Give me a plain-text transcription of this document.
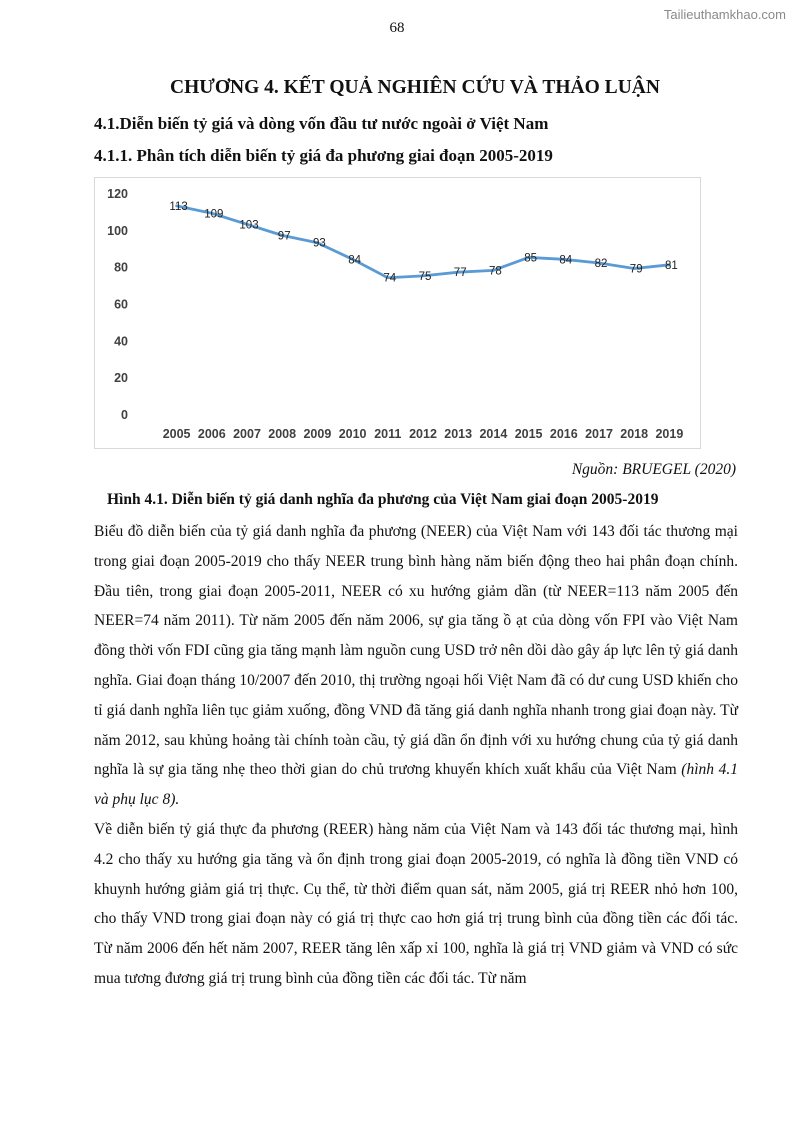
Tailieuthamkhao.com
68
CHƯƠNG 4. KẾT QUẢ NGHIÊN CỨU VÀ THẢO LUẬN
4.1.Diễn biến tỷ giá và dòng vốn đầu tư nước ngoài ở Việt Nam
4.1.1. Phân tích diễn biến tỷ giá đa phương giai đoạn 2005-2019
0
20
40
60
80
100
120
2005 2006 2007 2008 2009 2010 2011 2012 2013 2014 2015 2016 2017 2018 2019
113
109
103
97
93
84
74 75 77 78
85 84 82 79 81
Nguồn: BRUEGEL (2020)
Hình 4.1. Diễn biến tỷ giá danh nghĩa đa phương của Việt Nam giai đoạn 2005-2019

Biểu đồ diễn biến của tỷ giá danh nghĩa đa phương (NEER) của Việt Nam với 143 đối tác thương mại trong giai đoạn 2005-2019 cho thấy NEER trung bình hàng năm biến động theo hai phân đoạn chính. Đầu tiên, trong giai đoạn 2005-2011, NEER có xu hướng giảm dần (từ NEER=113 năm 2005 đến NEER=74 năm 2011). Từ năm 2005 đến năm 2006, sự gia tăng ồ ạt của dòng vốn FPI vào Việt Nam đồng thời vốn FDI cũng gia tăng mạnh làm nguồn cung USD trở nên dồi dào gây áp lực lên tỷ giá danh nghĩa. Giai đoạn tháng 10/2007 đến 2010, thị trường ngoại hối Việt Nam đã có dư cung USD khiến cho tỉ giá danh nghĩa liên tục giảm xuống, đồng VND đã tăng giá danh nghĩa nhanh trong giai đoạn này. Từ năm 2012, sau khủng hoảng tài chính toàn cầu, tỷ giá dần ổn định với xu hướng chung của tỷ giá danh nghĩa là sự gia tăng nhẹ theo thời gian do chủ trương khuyến khích xuất khẩu của Việt Nam (hình 4.1 và phụ lục 8).

Về diễn biến tỷ giá thực đa phương (REER) hàng năm của Việt Nam và 143 đối tác thương mại, hình 4.2 cho thấy xu hướng gia tăng và ổn định trong giai đoạn 2005-2019, có nghĩa là đồng tiền VND có khuynh hướng giảm giá trị thực. Cụ thể, từ thời điểm quan sát, năm 2005, giá trị REER nhỏ hơn 100, cho thấy VND trong giai đoạn này có giá trị thực cao hơn giá trị trung bình của đồng tiền các đối tác. Từ năm 2006 đến hết năm 2007, REER tăng lên xấp xỉ 100, nghĩa là giá trị VND giảm và VND có sức mua tương đương giá trị trung bình của đồng tiền các đối tác. Từ năm
